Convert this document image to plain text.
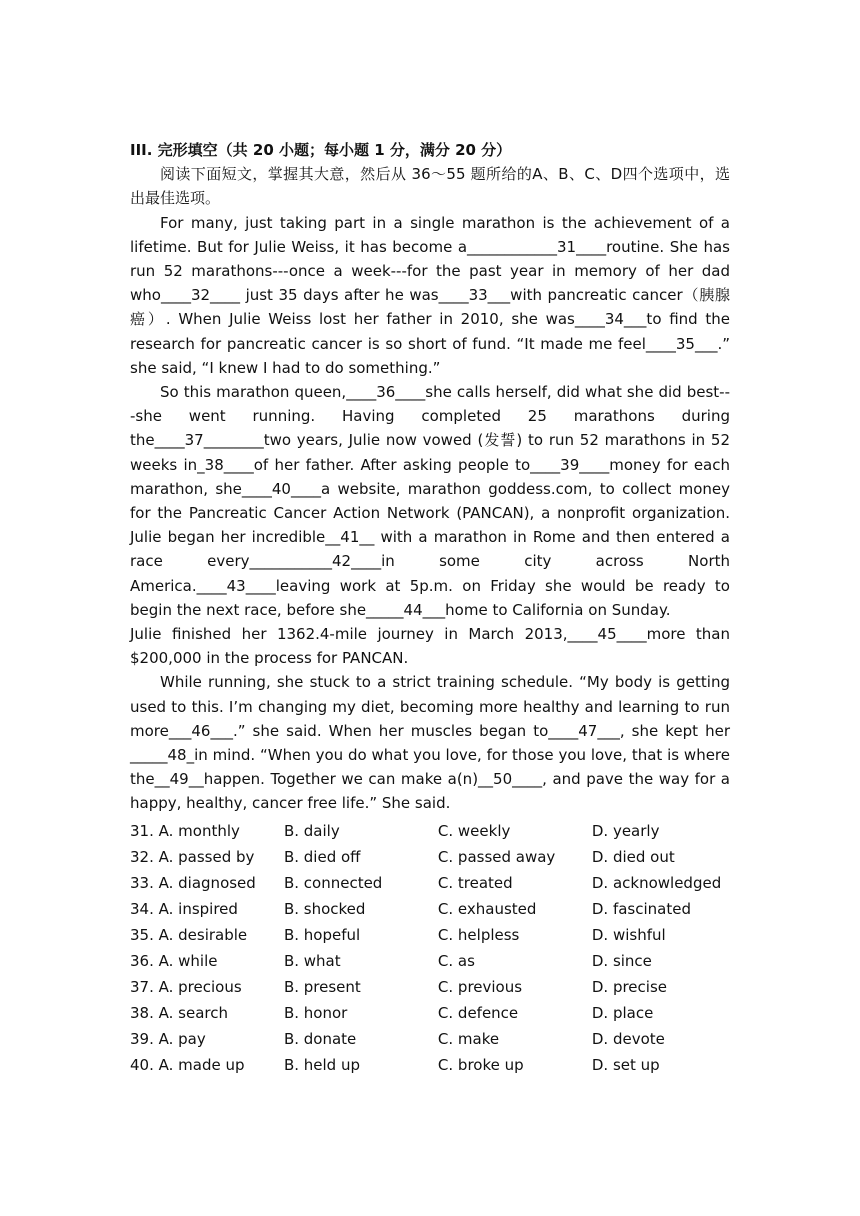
III. 完形填空（共 20 小题；每小题 1 分，满分 20 分）

阅读下面短文，掌握其大意，然后从 36～55 题所给的A、B、C、D四个选项中，选出最佳选项。

For many, just taking part in a single marathon is the achievement of a lifetime. But for Julie Weiss, it has become a____________31____routine. She has run 52 marathons---once a week---for the past year in memory of her dad who____32____ just 35 days after he was____33___with pancreatic cancer（胰腺癌）. When Julie Weiss lost her father in 2010, she was____34___to find the research for pancreatic cancer is so short of fund. “It made me feel____35___.” she said, “I knew I had to do something.”

So this marathon queen,____36____she calls herself, did what she did best---she went running. Having completed 25 marathons during the____37________two years, Julie now vowed (发誓) to run 52 marathons in 52 weeks in_38____of her father. After asking people to____39____money for each marathon, she____40____a website, marathon goddess.com, to collect money for the Pancreatic Cancer Action Network (PANCAN), a nonprofit organization. Julie began her incredible__41__ with a marathon in Rome and then entered a race every___________42____in some city across North America.____43____leaving work at 5p.m. on Friday she would be ready to begin the next race, before she_____44___home to California on Sunday.

Julie finished her 1362.4-mile journey in March 2013,____45____more than $200,000 in the process for PANCAN.

While running, she stuck to a strict training schedule. “My body is getting used to this. I’m changing my diet, becoming more healthy and learning to run more___46___.” she said. When her muscles began to____47___, she kept her _____48_in mind. “When you do what you love, for those you love, that is where the__49__happen. Together we can make a(n)__50____, and pave the way for a happy, healthy, cancer free life.” She said.

31. A. monthly	B. daily	C. weekly	D. yearly
32. A. passed by	B. died off	C. passed away	D. died out
33. A. diagnosed	B. connected	C. treated	D. acknowledged
34. A. inspired	B. shocked	C. exhausted	D. fascinated
35. A. desirable	B. hopeful	C. helpless	D. wishful
36. A. while	B. what	C. as	D. since
37. A. precious	B. present	C. previous	D. precise
38. A. search	B. honor	C. defence	D. place
39. A. pay	B. donate	C. make	D. devote
40. A. made up	B. held up	C. broke up	D. set up
